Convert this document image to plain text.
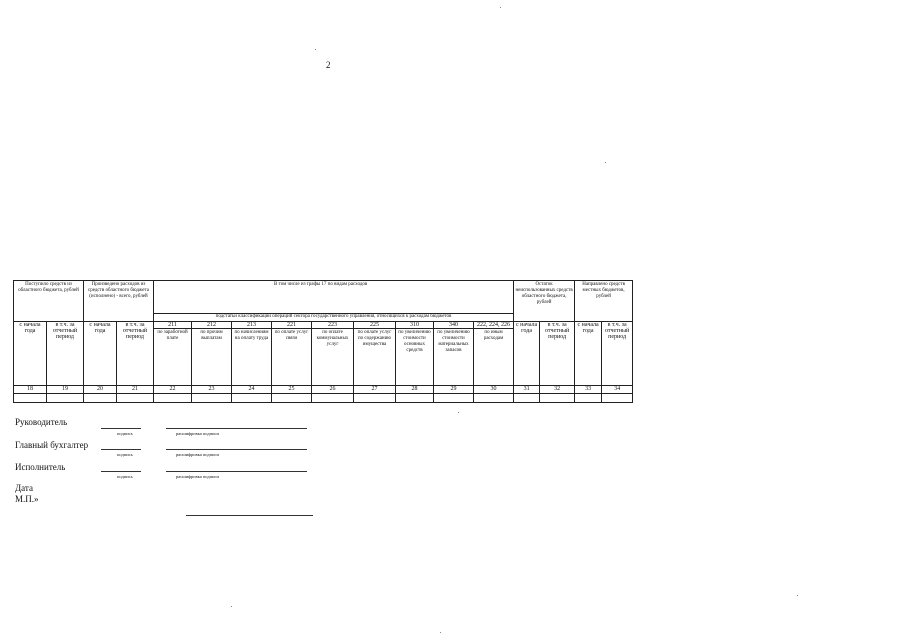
2
Поступило средств из областного бюджета, рублей		Произведено расходов из средств областного бюджета (исполнено) - всего, рублей		В том числе из графы 17 по видам расходов									Остаток неиспользованных средств областного бюджета, рублей		Направлено средств местных бюджетов, рублей	
				подстатьи классификации операций сектора государственного управления, относящихся к расходам бюджетов												
с начала года	в т.ч. за отчетный период	с начала года	в т.ч. за отчетный период	211	212	213	221	223	225	310	340	222, 224, 226	с начала года	в т.ч. за отчетный период	с начала года	в т.ч. за отчетный период
				по заработной плате	по прочим выплатам	по начислениям на оплату труда	по оплате услуг связи	по оплате коммунальных услуг	по оплате услуг по содержанию имущества	по увеличению стоимости основных средств	по увеличению стоимости материальных запасов	по иным расходам				
18	19	20	21	22	23	24	25	26	27	28	29	30	31	32	33	34

Руководитель
подпись	расшифровка подписи
Главный бухгалтер
подпись	расшифровка подписи
Исполнитель
подпись	расшифровка подписи
Дата
М.П.»
